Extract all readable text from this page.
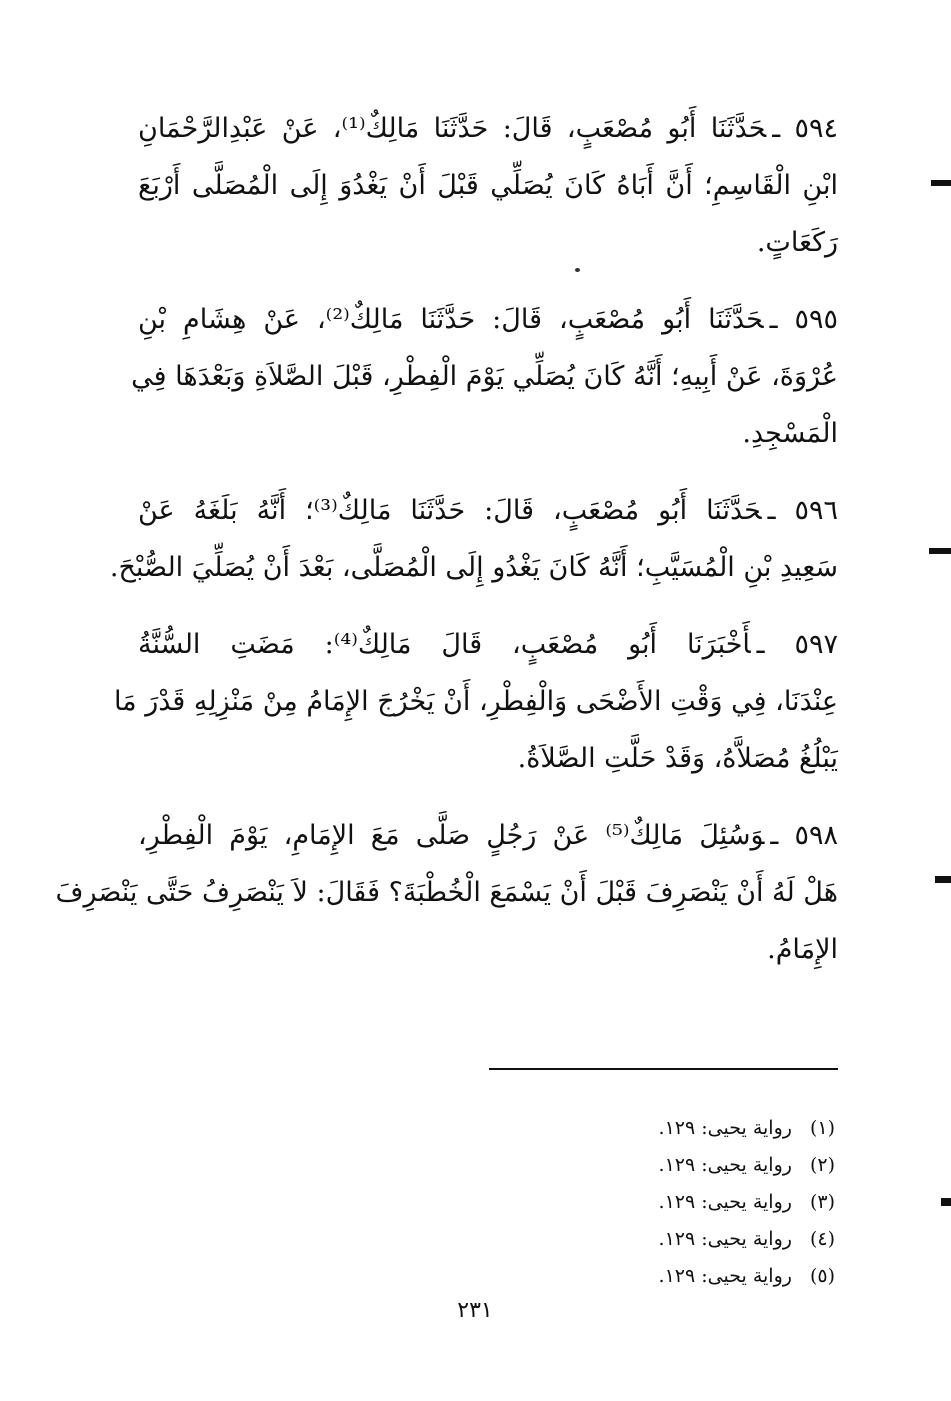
٥٩٤ ـحَدَّثَنَا أَبُو مُصْعَبٍ، قَالَ: حَدَّثَنَا مَالِكٌ⁽¹⁾، عَنْ عَبْدِالرَّحْمَانِ
ابْنِ الْقَاسِمِ؛ أَنَّ أَبَاهُ كَانَ يُصَلِّي قَبْلَ أَنْ يَغْدُوَ إِلَى الْمُصَلَّى أَرْبَعَ
رَكَعَاتٍ.
٥٩٥ ـحَدَّثَنَا أَبُو مُصْعَبٍ، قَالَ: حَدَّثَنَا مَالِكٌ⁽²⁾، عَنْ هِشَامِ بْنِ
عُرْوَةَ، عَنْ أَبِيهِ؛ أَنَّهُ كَانَ يُصَلِّي يَوْمَ الْفِطْرِ، قَبْلَ الصَّلاَةِ وَبَعْدَهَا فِي
الْمَسْجِدِ.
٥٩٦ ـحَدَّثَنَا أَبُو مُصْعَبٍ، قَالَ: حَدَّثَنَا مَالِكٌ⁽³⁾؛ أَنَّهُ بَلَغَهُ عَنْ
سَعِيدِ بْنِ الْمُسَيَّبِ؛ أَنَّهُ كَانَ يَغْدُو إِلَى الْمُصَلَّى، بَعْدَ أَنْ يُصَلِّيَ الصُّبْحَ.
٥٩٧ ـأَخْبَرَنَا أَبُو مُصْعَبٍ، قَالَ مَالِكٌ⁽⁴⁾: مَضَتِ السُّنَّةُ
عِنْدَنَا، فِي وَقْتِ الأَضْحَى وَالْفِطْرِ، أَنْ يَخْرُجَ الإِمَامُ مِنْ مَنْزِلِهِ قَدْرَ مَا
يَبْلُغُ مُصَلاَّهُ، وَقَدْ حَلَّتِ الصَّلاَةُ.
٥٩٨ ـوَسُئِلَ مَالِكٌ⁽⁵⁾ عَنْ رَجُلٍ صَلَّى مَعَ الإِمَامِ، يَوْمَ الْفِطْرِ،
هَلْ لَهُ أَنْ يَنْصَرِفَ قَبْلَ أَنْ يَسْمَعَ الْخُطْبَةَ؟ فَقَالَ: لاَ يَنْصَرِفُ حَتَّى يَنْصَرِفَ
الإِمَامُ.
(١)رواية يحيى: ١٢٩.
(٢)رواية يحيى: ١٢٩.
(٣)رواية يحيى: ١٢٩.
(٤)رواية يحيى: ١٢٩.
(٥)رواية يحيى: ١٢٩.
٢٣١
